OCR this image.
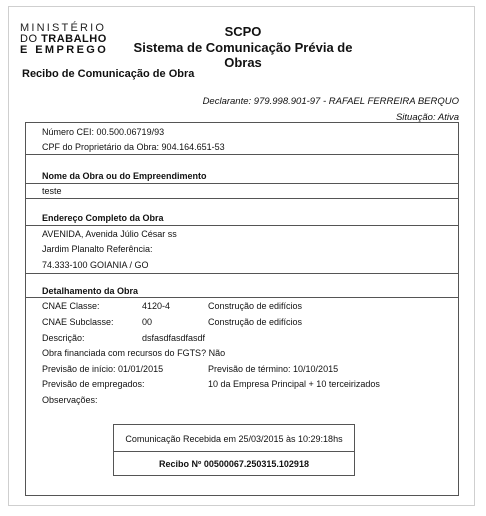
MINISTÉRIO
DO TRABALHO
E EMPREGO
SCPO
Sistema de Comunicação Prévia de Obras
Recibo de Comunicação de Obra
Declarante: 979.998.901-97 - RAFAEL FERREIRA BERQUO
Situação: Ativa
Número CEI: 00.500.06719/93
CPF do Proprietário da Obra: 904.164.651-53
Nome da Obra ou do Empreendimento
teste
Endereço Completo da Obra
AVENIDA, Avenida Júlio César ss
Jardim Planalto Referência:
74.333-100 GOIANIA / GO
Detalhamento da Obra
CNAE Classe:	4120-4	Construção de edifícios
CNAE Subclasse:	00	Construção de edifícios
Descrição:	dsfasdfasdfasdf
Obra financiada com recursos do FGTS? Não
Previsão de início: 01/01/2015	Previsão de término: 10/10/2015
Previsão de empregados:	10 da Empresa Principal + 10 terceirizados
Observações:
Comunicação Recebida em 25/03/2015 às 10:29:18hs
Recibo Nº 00500067.250315.102918
